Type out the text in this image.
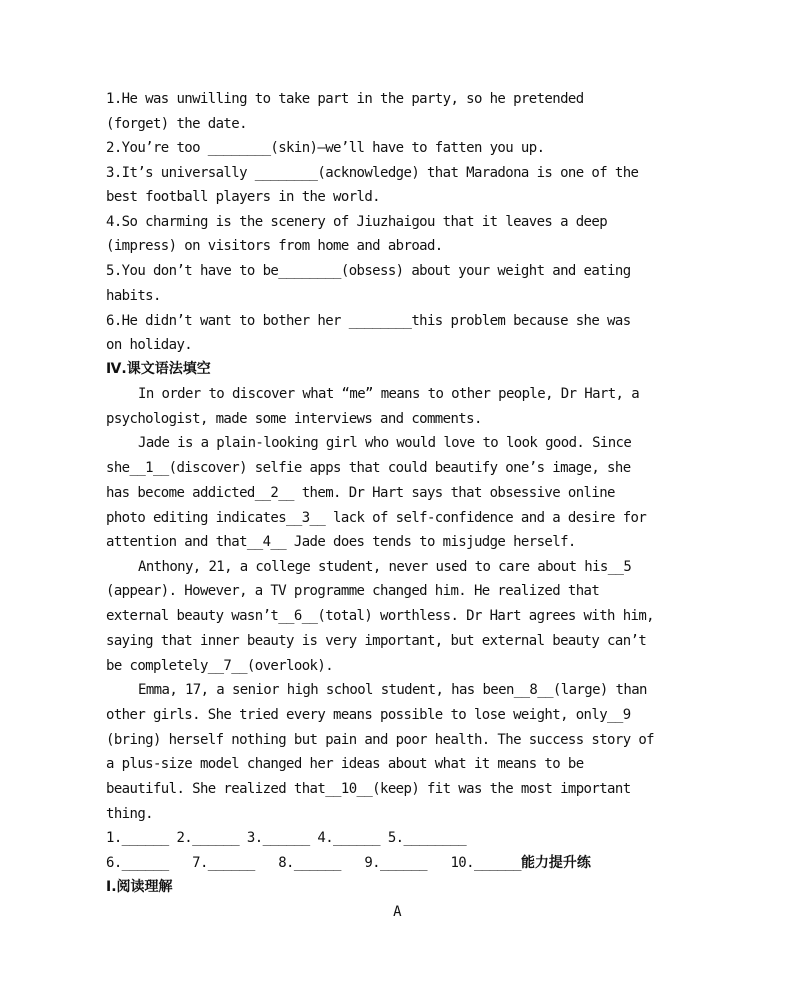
1.He was unwilling to take part in the party, so he pretended
(forget) the date.
2.You’re too ________(skin)—we’ll have to fatten you up.
3.It’s universally ________(acknowledge) that Maradona is one of the
best football players in the world.
4.So charming is the scenery of Jiuzhaigou that it leaves a deep
(impress) on visitors from home and abroad.
5.You don’t have to be________(obsess) about your weight and eating
habits.
6.He didn’t want to bother her ________this problem because she was
on holiday.
Ⅳ.课文语法填空
In order to discover what “me” means to other people, Dr Hart, a
psychologist, made some interviews and comments.
Jade is a plain-looking girl who would love to look good. Since
she__1__(discover) selfie apps that could beautify one’s image, she
has become addicted__2__ them. Dr Hart says that obsessive online
photo editing indicates__3__ lack of self-confidence and a desire for
attention and that__4__ Jade does tends to misjudge herself.
Anthony, 21, a college student, never used to care about his__5
(appear). However, a TV programme changed him. He realized that
external beauty wasn’t__6__(total) worthless. Dr Hart agrees with him,
saying that inner beauty is very important, but external beauty can’t
be completely__7__(overlook).
Emma, 17, a senior high school student, has been__8__(large) than
other girls. She tried every means possible to lose weight, only__9
(bring) herself nothing but pain and poor health. The success story of
a plus-size model changed her ideas about what it means to be
beautiful. She realized that__10__(keep) fit was the most important
thing.
1.______ 2.______ 3.______ 4.______ 5.________
6.______   7.______   8.______   9.______   10.______能力提升练
Ⅰ.阅读理解
A
